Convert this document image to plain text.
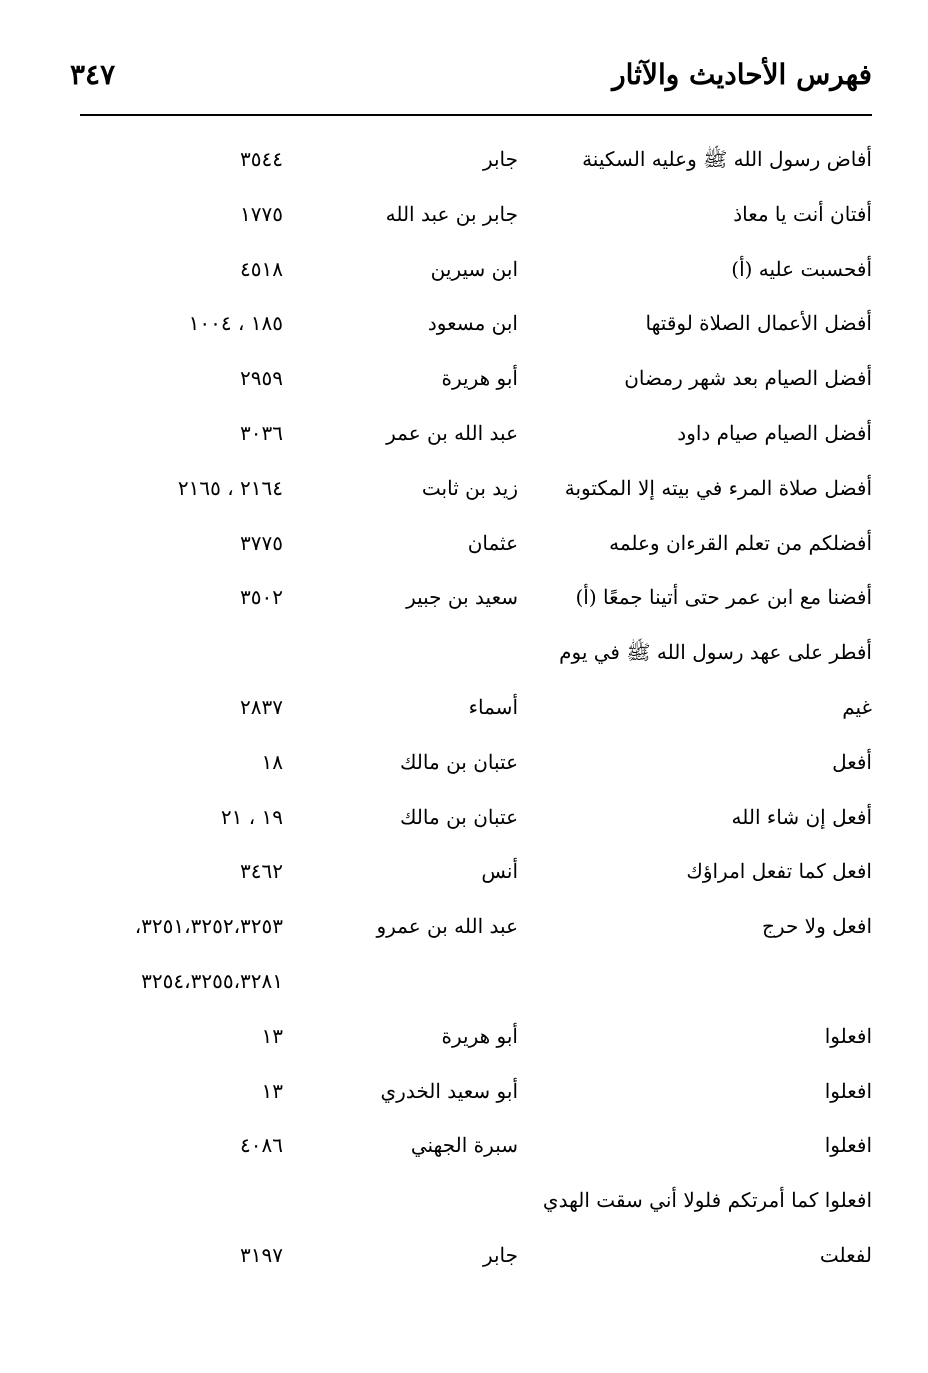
فهرس الأحاديث والآثار
٣٤٧
أفاض رسول الله ﷺ وعليه السكينة
جابر
٣٥٤٤
أفتان أنت يا معاذ
جابر بن عبد الله
١٧٧٥
أفحسبت عليه (أ)
ابن سيرين
٤٥١٨
أفضل الأعمال الصلاة لوقتها
ابن مسعود
١٨٥ ، ١٠٠٤
أفضل الصيام بعد شهر رمضان
أبو هريرة
٢٩٥٩
أفضل الصيام صيام داود
عبد الله بن عمر
٣٠٣٦
أفضل صلاة المرء في بيته إلا المكتوبة
زيد بن ثابت
٢١٦٤ ، ٢١٦٥
أفضلكم من تعلم القرءان وعلمه
عثمان
٣٧٧٥
أفضنا مع ابن عمر حتى أتينا جمعًا (أ)
سعيد بن جبير
٣٥٠٢
أفطر على عهد رسول الله ﷺ في يوم
غيم
أسماء
٢٨٣٧
أفعل
عتبان بن مالك
١٨
أفعل إن شاء الله
عتبان بن مالك
١٩ ، ٢١
افعل كما تفعل امراؤك
أنس
٣٤٦٢
افعل ولا حرج
عبد الله بن عمرو
٣٢٥١،٣٢٥٢،٣٢٥٣،
٣٢٥٤،٣٢٥٥،٣٢٨١
افعلوا
أبو هريرة
١٣
افعلوا
أبو سعيد الخدري
١٣
افعلوا
سبرة الجهني
٤٠٨٦
افعلوا كما أمرتكم فلولا أني سقت الهدي
لفعلت
جابر
٣١٩٧
